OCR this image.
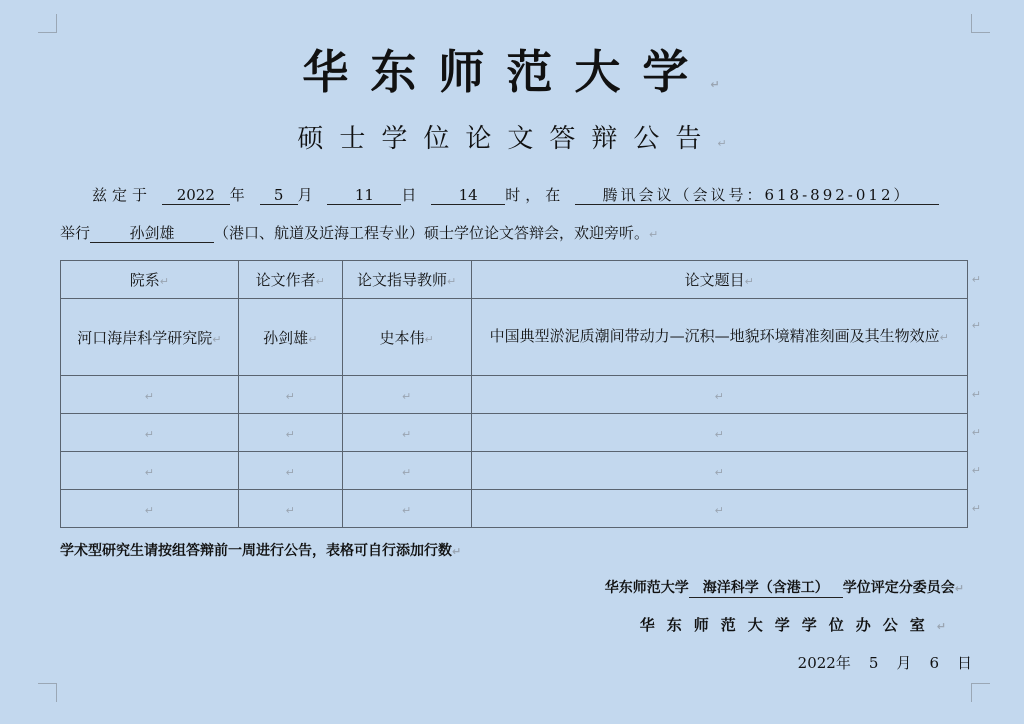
华东师范大学↵
硕士学位论文答辩公告↵
兹定于 2022 年 5 月 11 日 14 时，在 腾讯会议（会议号：618-892-012）
举行	孙剑雄	（港口、航道及近海工程专业）硕士学位论文答辩会，欢迎旁听。↵
院系↵	论文作者↵	论文指导教师↵	论文题目↵ ↵

河口海岸科学研究院↵	孙剑雄↵	史本伟↵	中国典型淤泥质潮间带动力—沉积—地貌环境精准刻画及其生物效应↵
↵

↵	↵	↵	↵ ↵

↵	↵	↵	↵ ↵

↵	↵	↵	↵ ↵

↵	↵	↵	↵ ↵
学术型研究生请按组答辩前一周进行公告，表格可自行添加行数↵
华东师范大学 海洋科学（含港工） 学位评定分委员会↵
华东师范大学学位办公室↵
2022年 5 月 6 日
